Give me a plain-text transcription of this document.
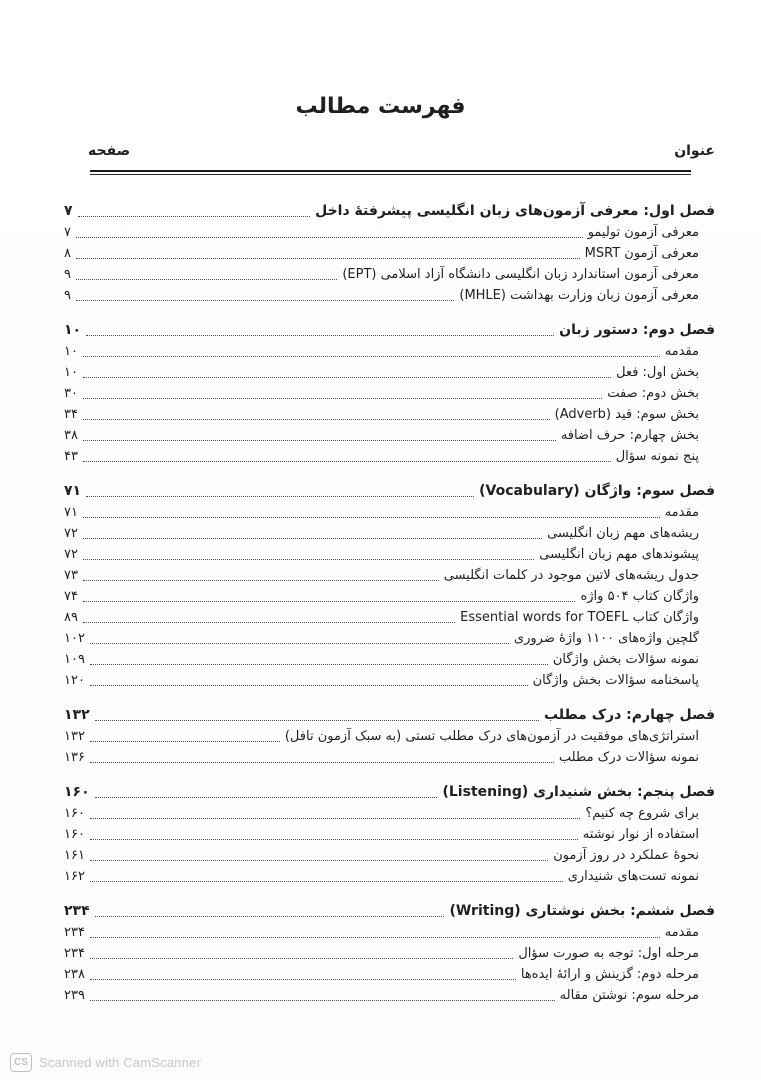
فهرست مطالب
عنوان
صفحه
فصل اول: معرفی آزمون‌های زبان انگلیسی پیشرفتهٔ داخل
۷
معرفی آزمون تولیمو
۷
معرفی آزمون MSRT
۸
معرفی آزمون استاندارد زبان انگلیسی دانشگاه آزاد اسلامی (EPT)
۹
معرفی آزمون زبان وزارت بهداشت (MHLE)
۹
فصل دوم: دستور زبان
۱۰
مقدمه
۱۰
بخش اول: فعل
۱۰
بخش دوم: صفت
۳۰
بخش سوم: قید (Adverb)
۳۴
بخش چهارم: حرف اضافه
۳۸
پنج نمونه سؤال
۴۳
فصل سوم: واژگان (Vocabulary)
۷۱
مقدمه
۷۱
ریشه‌های مهم زبان انگلیسی
۷۲
پیشوندهای مهم زبان انگلیسی
۷۲
جدول ریشه‌های لاتین موجود در کلمات انگلیسی
۷۳
واژگان کتاب ۵۰۴ واژه
۷۴
واژگان کتاب Essential words for TOEFL
۸۹
گلچین واژه‌های ۱۱۰۰ واژهٔ ضروری
۱۰۲
نمونه سؤالات بخش واژگان
۱۰۹
پاسخنامه سؤالات بخش واژگان
۱۲۰
فصل چهارم: درک مطلب
۱۳۲
استراتژی‌های موفقیت در آزمون‌های درک مطلب تستی (به سبک آزمون تافل)
۱۳۲
نمونه سؤالات درک مطلب
۱۳۶
فصل پنجم: بخش شنیداری (Listening)
۱۶۰
برای شروع چه کنیم؟
۱۶۰
استفاده از نوار نوشته
۱۶۰
نحوهٔ عملکرد در روز آزمون
۱۶۱
نمونه تست‌های شنیداری
۱۶۲
فصل ششم: بخش نوشتاری (Writing)
۲۳۴
مقدمه
۲۳۴
مرحله اول: توجه به صورت سؤال
۲۳۴
مرحله دوم: گزینش و ارائهٔ ایده‌ها
۲۳۸
مرحله سوم: نوشتن مقاله
۲۳۹
CS Scanned with CamScanner
